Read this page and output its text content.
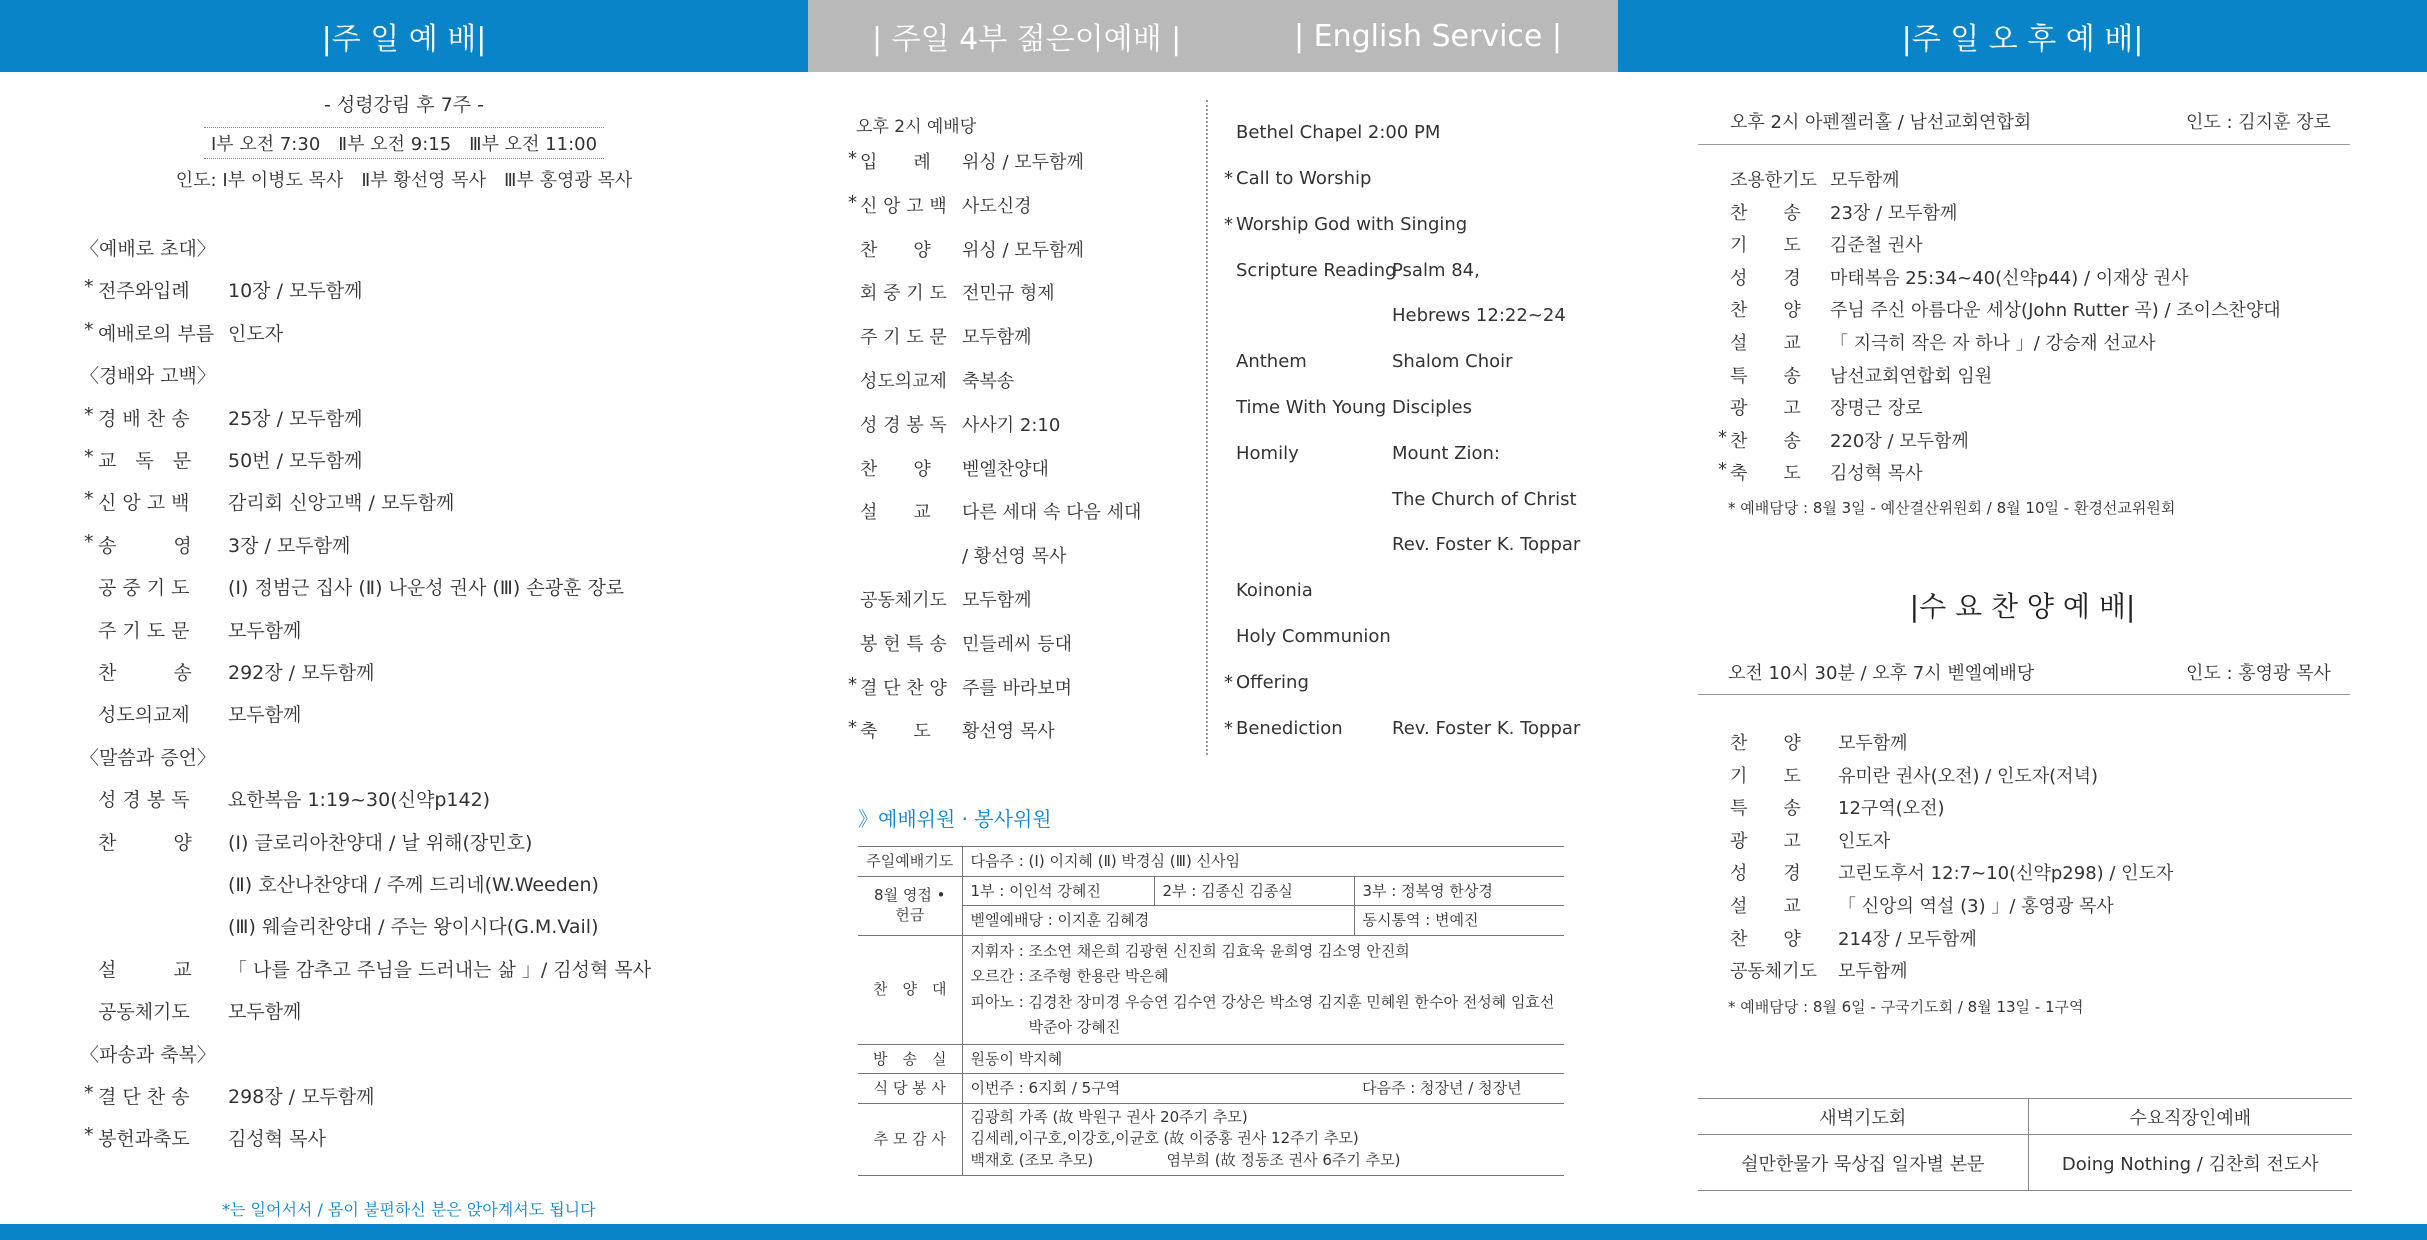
|주 일 예 배|	| 주일 4부 젊은이예배 |	| English Service |	|주 일 오 후 예 배|
- 성령강림 후 7주 -
Ⅰ부 오전 7:30　Ⅱ부 오전 9:15　Ⅲ부 오전 11:00
인도: Ⅰ부 이병도 목사　Ⅱ부 황선영 목사　Ⅲ부 홍영광 목사
〈예배로 초대〉
* 전주와입례	10장 / 모두함께
* 예배로의 부름 인도자
〈경배와 고백〉
* 경 배 찬 송	25장 / 모두함께
* 교　독　문	50번 / 모두함께
* 신 앙 고 백	감리회 신앙고백 / 모두함께
* 송　　　영	3장 / 모두함께
공 중 기 도	(Ⅰ) 정범근 집사 (Ⅱ) 나운성 권사 (Ⅲ) 손광훈 장로
주 기 도 문	모두함께
찬　　　송	292장 / 모두함께
성도의교제	모두함께
〈말씀과 증언〉
성 경 봉 독	요한복음 1:19~30(신약p142)
찬　　　양	(Ⅰ) 글로리아찬양대 / 날 위해(장민호)
(Ⅱ) 호산나찬양대 / 주께 드리네(W.Weeden)
(Ⅲ) 웨슬리찬양대 / 주는 왕이시다(G.M.Vail)
설　　　교	「 나를 감추고 주님을 드러내는 삶 」/ 김성혁 목사
공동체기도	모두함께
〈파송과 축복〉
* 결 단 찬 송	298장 / 모두함께
* 봉헌과축도	김성혁 목사
*는 일어서서 / 몸이 불편하신 분은 앉아계셔도 됩니다
오후 2시 예배당
* 입　　례	위싱 / 모두함께
* 신 앙 고 백 사도신경
찬　　양	위싱 / 모두함께
회 중 기 도 전민규 형제
주 기 도 문 모두함께
성도의교제 축복송
성 경 봉 독 사사기 2:10
찬　　양	벧엘찬양대
설　　교	다른 세대 속 다음 세대
/ 황선영 목사
공동체기도 모두함께
봉 헌 특 송 민들레씨 등대
* 결 단 찬 양 주를 바라보며
* 축　　도	황선영 목사
Bethel Chapel 2:00 PM
* Call to Worship
* Worship God with Singing
Scripture Reading
Psalm 84,
Hebrews 12:22~24
Anthem	Shalom Choir
Time With Young Disciples
Homily	Mount Zion:
The Church of Christ
Rev. Foster K. Toppar
Koinonia
Holy Communion
* Offering
* Benediction	Rev. Foster K. Toppar
》예배위원 · 봉사위원
주일예배기도	다음주 : (Ⅰ) 이지혜 (Ⅱ) 박경심 (Ⅲ) 신사임		
8월 영접 • 헌금	1부 : 이인석 강혜진	2부 : 김종신 김종실	3부 : 정복영 한상경
	벧엘예배당 : 이지훈 김혜경		동시통역 : 변예진
찬　양　대	지휘자 : 조소연 채은희 김광현 신진희 김효욱 윤희영 김소영 안진희
오르간 : 조주형 한용란 박은혜
피아노 : 김경찬 장미경 우승연 김수연 강상은 박소영 김지훈 민혜원 한수아 전성혜 임효선
박준아 강혜진		

방　송　실	원동이 박지혜		
식 당 봉 사	이번주 : 6지회 / 5구역		다음주 : 청장년 / 청장년
추 모 감 사	김광희 가족 (故 박원구 권사 20주기 추모)
김세레,이구호,이강호,이균호 (故 이중홍 권사 12주기 추모)
백재호 (조모 추모) 염부희 (故 정동조 권사 6주기 추모)		
오후 2시 아펜젤러홀 / 남선교회연합회	인도 : 김지훈 장로
조용한기도 모두함께
찬　　송	23장 / 모두함께
기　　도	김준철 권사
성　　경	마태복음 25:34~40(신약p44) / 이재상 권사
찬　　양	주님 주신 아름다운 세상(John Rutter 곡) / 조이스찬양대
설　　교	「 지극히 작은 자 하나 」/ 강승재 선교사
특　　송	남선교회연합회 임원
광　　고	장명근 장로
* 찬　　송	220장 / 모두함께
* 축　　도	김성혁 목사
* 예배담당 : 8월 3일 - 예산결산위원회 / 8월 10일 - 환경선교위원회
|수 요 찬 양 예 배|
오전 10시 30분 / 오후 7시 벧엘예배당	인도 : 홍영광 목사
찬　　양	모두함께
기　　도	유미란 권사(오전) / 인도자(저녁)
특　　송	12구역(오전)
광　　고	인도자
성　　경	고린도후서 12:7~10(신약p298) / 인도자
설　　교	「 신앙의 역설 (3) 」/ 홍영광 목사
찬　　양	214장 / 모두함께
공동체기도	모두함께
* 예배담당 : 8월 6일 - 구국기도회 / 8월 13일 - 1구역
새벽기도회	수요직장인예배
쉴만한물가 묵상집 일자별 본문	Doing Nothing / 김찬희 전도사
